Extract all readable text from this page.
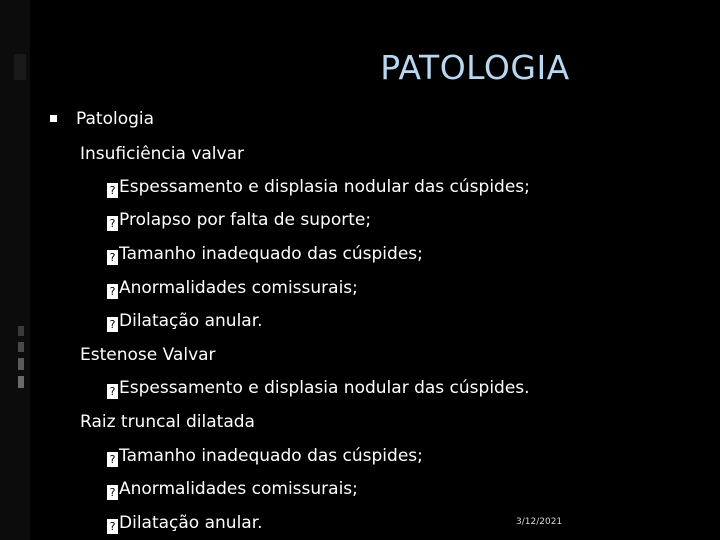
PATOLOGIA
Patologia
Insuficiência valvar
? Espessamento e displasia nodular das cúspides;
? Prolapso por falta de suporte;
? Tamanho inadequado das cúspides;
? Anormalidades comissurais;
? Dilatação anular.
Estenose Valvar
? Espessamento e displasia nodular das cúspides.
Raiz truncal dilatada
? Tamanho inadequado das cúspides;
? Anormalidades comissurais;
? Dilatação anular.	3/12/2021
